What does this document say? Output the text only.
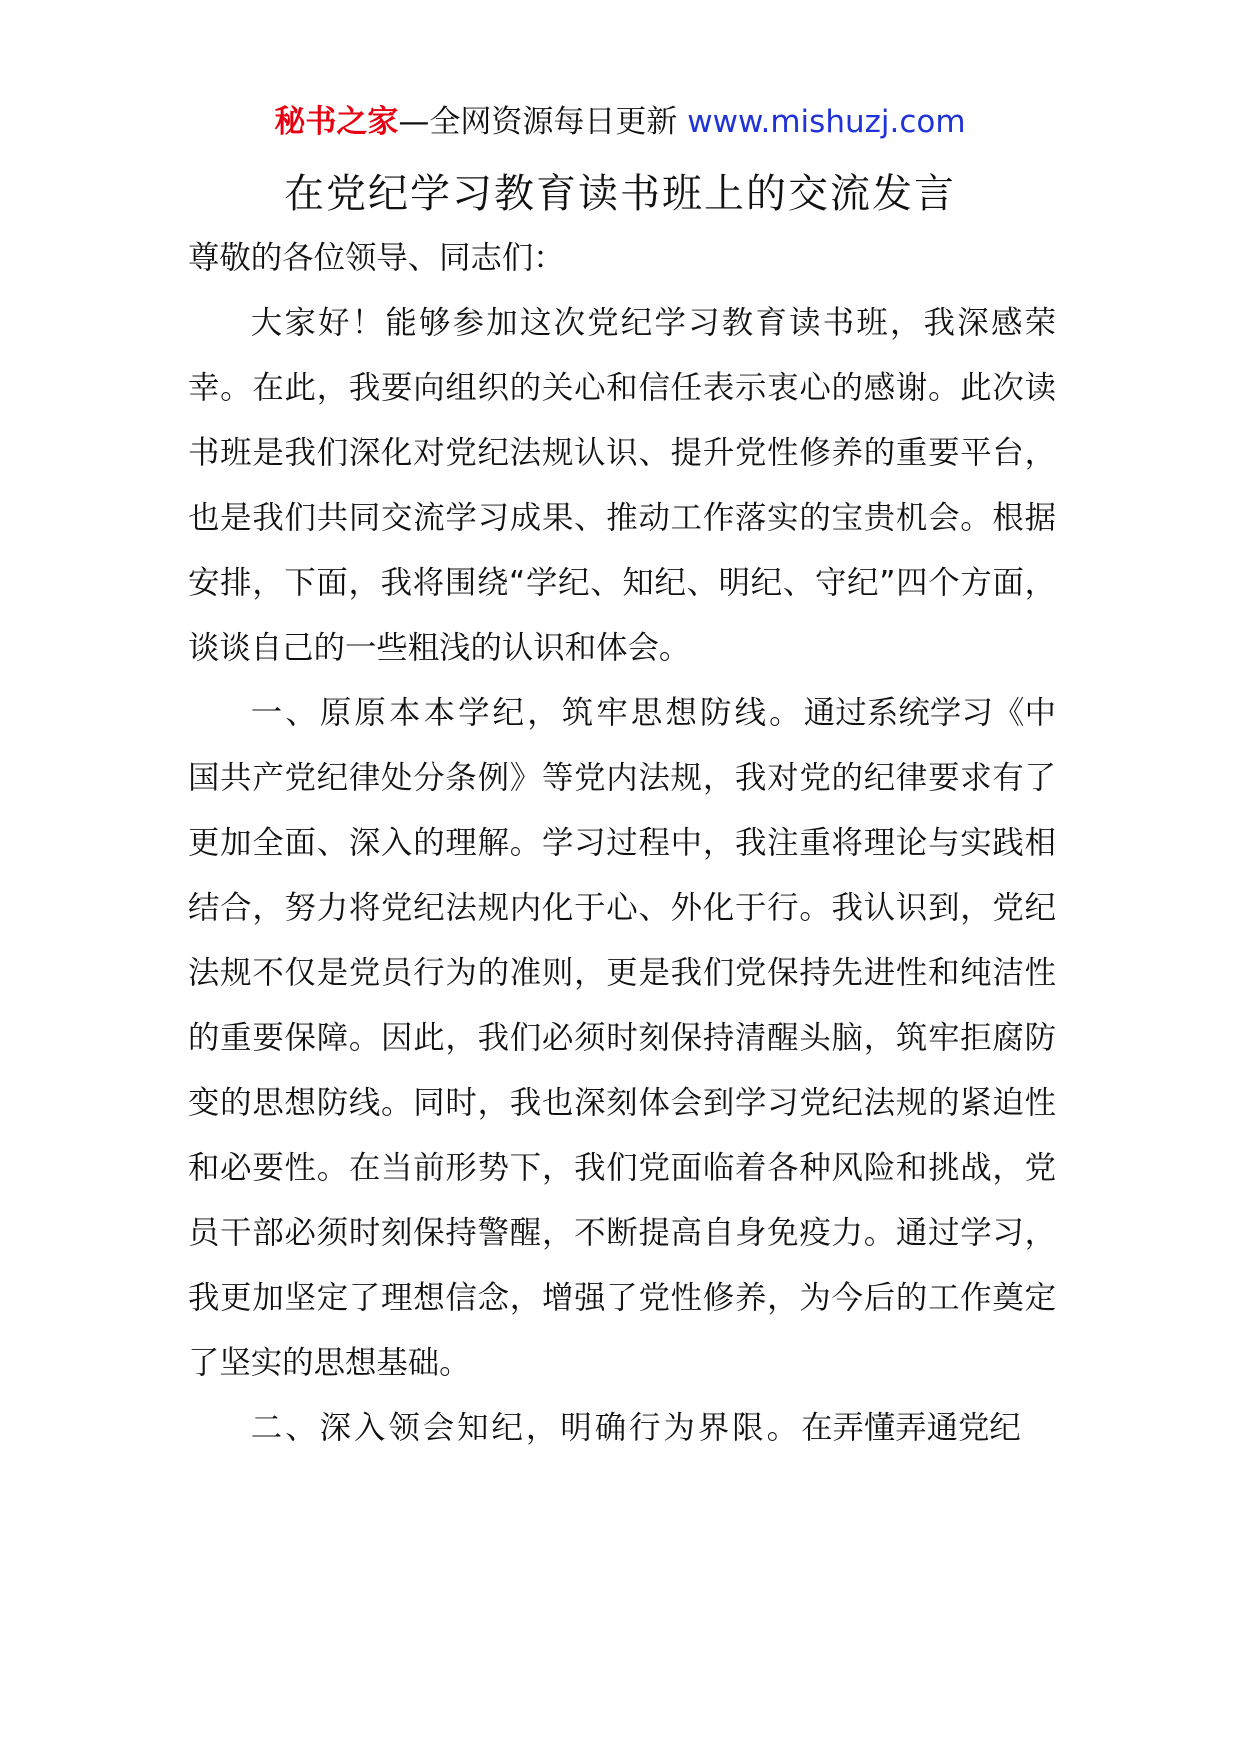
秘书之家—全网资源每日更新 www.mishuzj.com
在党纪学习教育读书班上的交流发言

尊敬的各位领导、同志们：

大家好！能够参加这次党纪学习教育读书班，我深感荣幸。在此，我要向组织的关心和信任表示衷心的感谢。此次读书班是我们深化对党纪法规认识、提升党性修养的重要平台，也是我们共同交流学习成果、推动工作落实的宝贵机会。根据安排，下面，我将围绕“学纪、知纪、明纪、守纪”四个方面，谈谈自己的一些粗浅的认识和体会。

一、原原本本学纪，筑牢思想防线。通过系统学习《中国共产党纪律处分条例》等党内法规，我对党的纪律要求有了更加全面、深入的理解。学习过程中，我注重将理论与实践相结合，努力将党纪法规内化于心、外化于行。我认识到，党纪法规不仅是党员行为的准则，更是我们党保持先进性和纯洁性的重要保障。因此，我们必须时刻保持清醒头脑，筑牢拒腐防变的思想防线。同时，我也深刻体会到学习党纪法规的紧迫性和必要性。在当前形势下，我们党面临着各种风险和挑战，党员干部必须时刻保持警醒，不断提高自身免疫力。通过学习，我更加坚定了理想信念，增强了党性修养，为今后的工作奠定了坚实的思想基础。

二、深入领会知纪，明确行为界限。在弄懂弄通党纪
